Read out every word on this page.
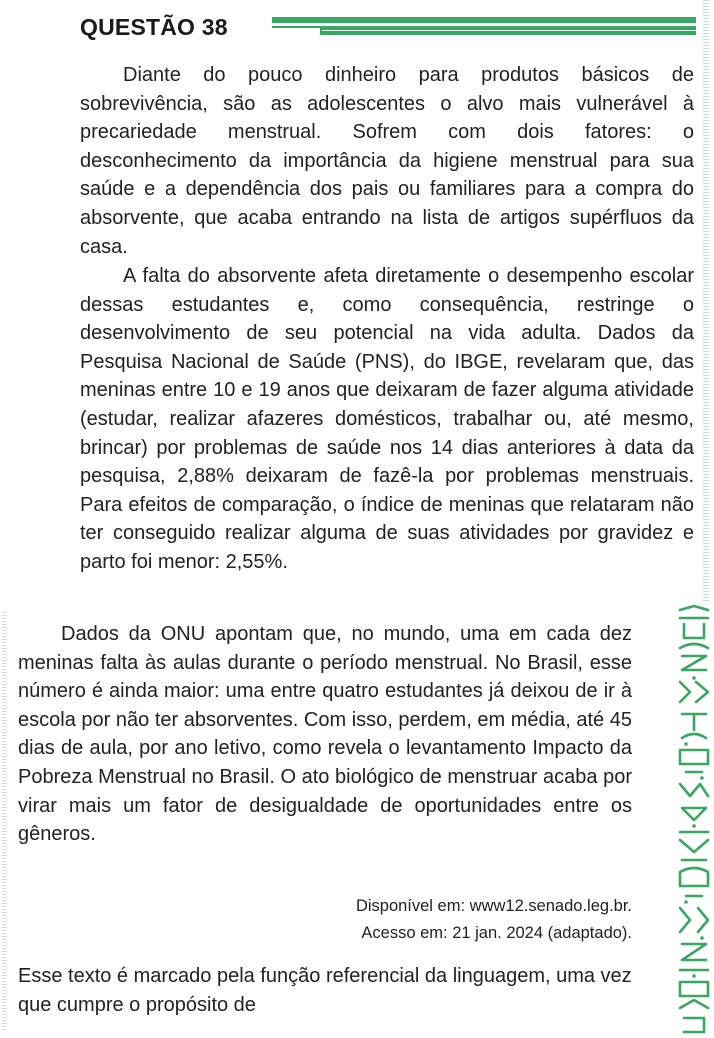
QUESTÃO 38

Diante do pouco dinheiro para produtos básicos de sobrevivência, são as adolescentes o alvo mais vulnerável à precariedade menstrual. Sofrem com dois fatores: o desconhecimento da importância da higiene menstrual para sua saúde e a dependência dos pais ou familiares para a compra do absorvente, que acaba entrando na lista de artigos supérfluos da casa.

A falta do absorvente afeta diretamente o desempenho escolar dessas estudantes e, como consequência, restringe o desenvolvimento de seu potencial na vida adulta. Dados da Pesquisa Nacional de Saúde (PNS), do IBGE, revelaram que, das meninas entre 10 e 19 anos que deixaram de fazer alguma atividade (estudar, realizar afazeres domésticos, trabalhar ou, até mesmo, brincar) por problemas de saúde nos 14 dias anteriores à data da pesquisa, 2,88% deixaram de fazê-la por problemas menstruais. Para efeitos de comparação, o índice de meninas que relataram não ter conseguido realizar alguma de suas atividades por gravidez e parto foi menor: 2,55%.

Dados da ONU apontam que, no mundo, uma em cada dez meninas falta às aulas durante o período menstrual. No Brasil, esse número é ainda maior: uma entre quatro estudantes já deixou de ir à escola por não ter absorventes. Com isso, perdem, em média, até 45 dias de aula, por ano letivo, como revela o levantamento Impacto da Pobreza Menstrual no Brasil. O ato biológico de menstruar acaba por virar mais um fator de desigualdade de oportunidades entre os gêneros.

Disponível em: www12.senado.leg.br.
Acesso em: 21 jan. 2024 (adaptado).
Esse texto é marcado pela função referencial da linguagem, uma vez que cumpre o propósito de
